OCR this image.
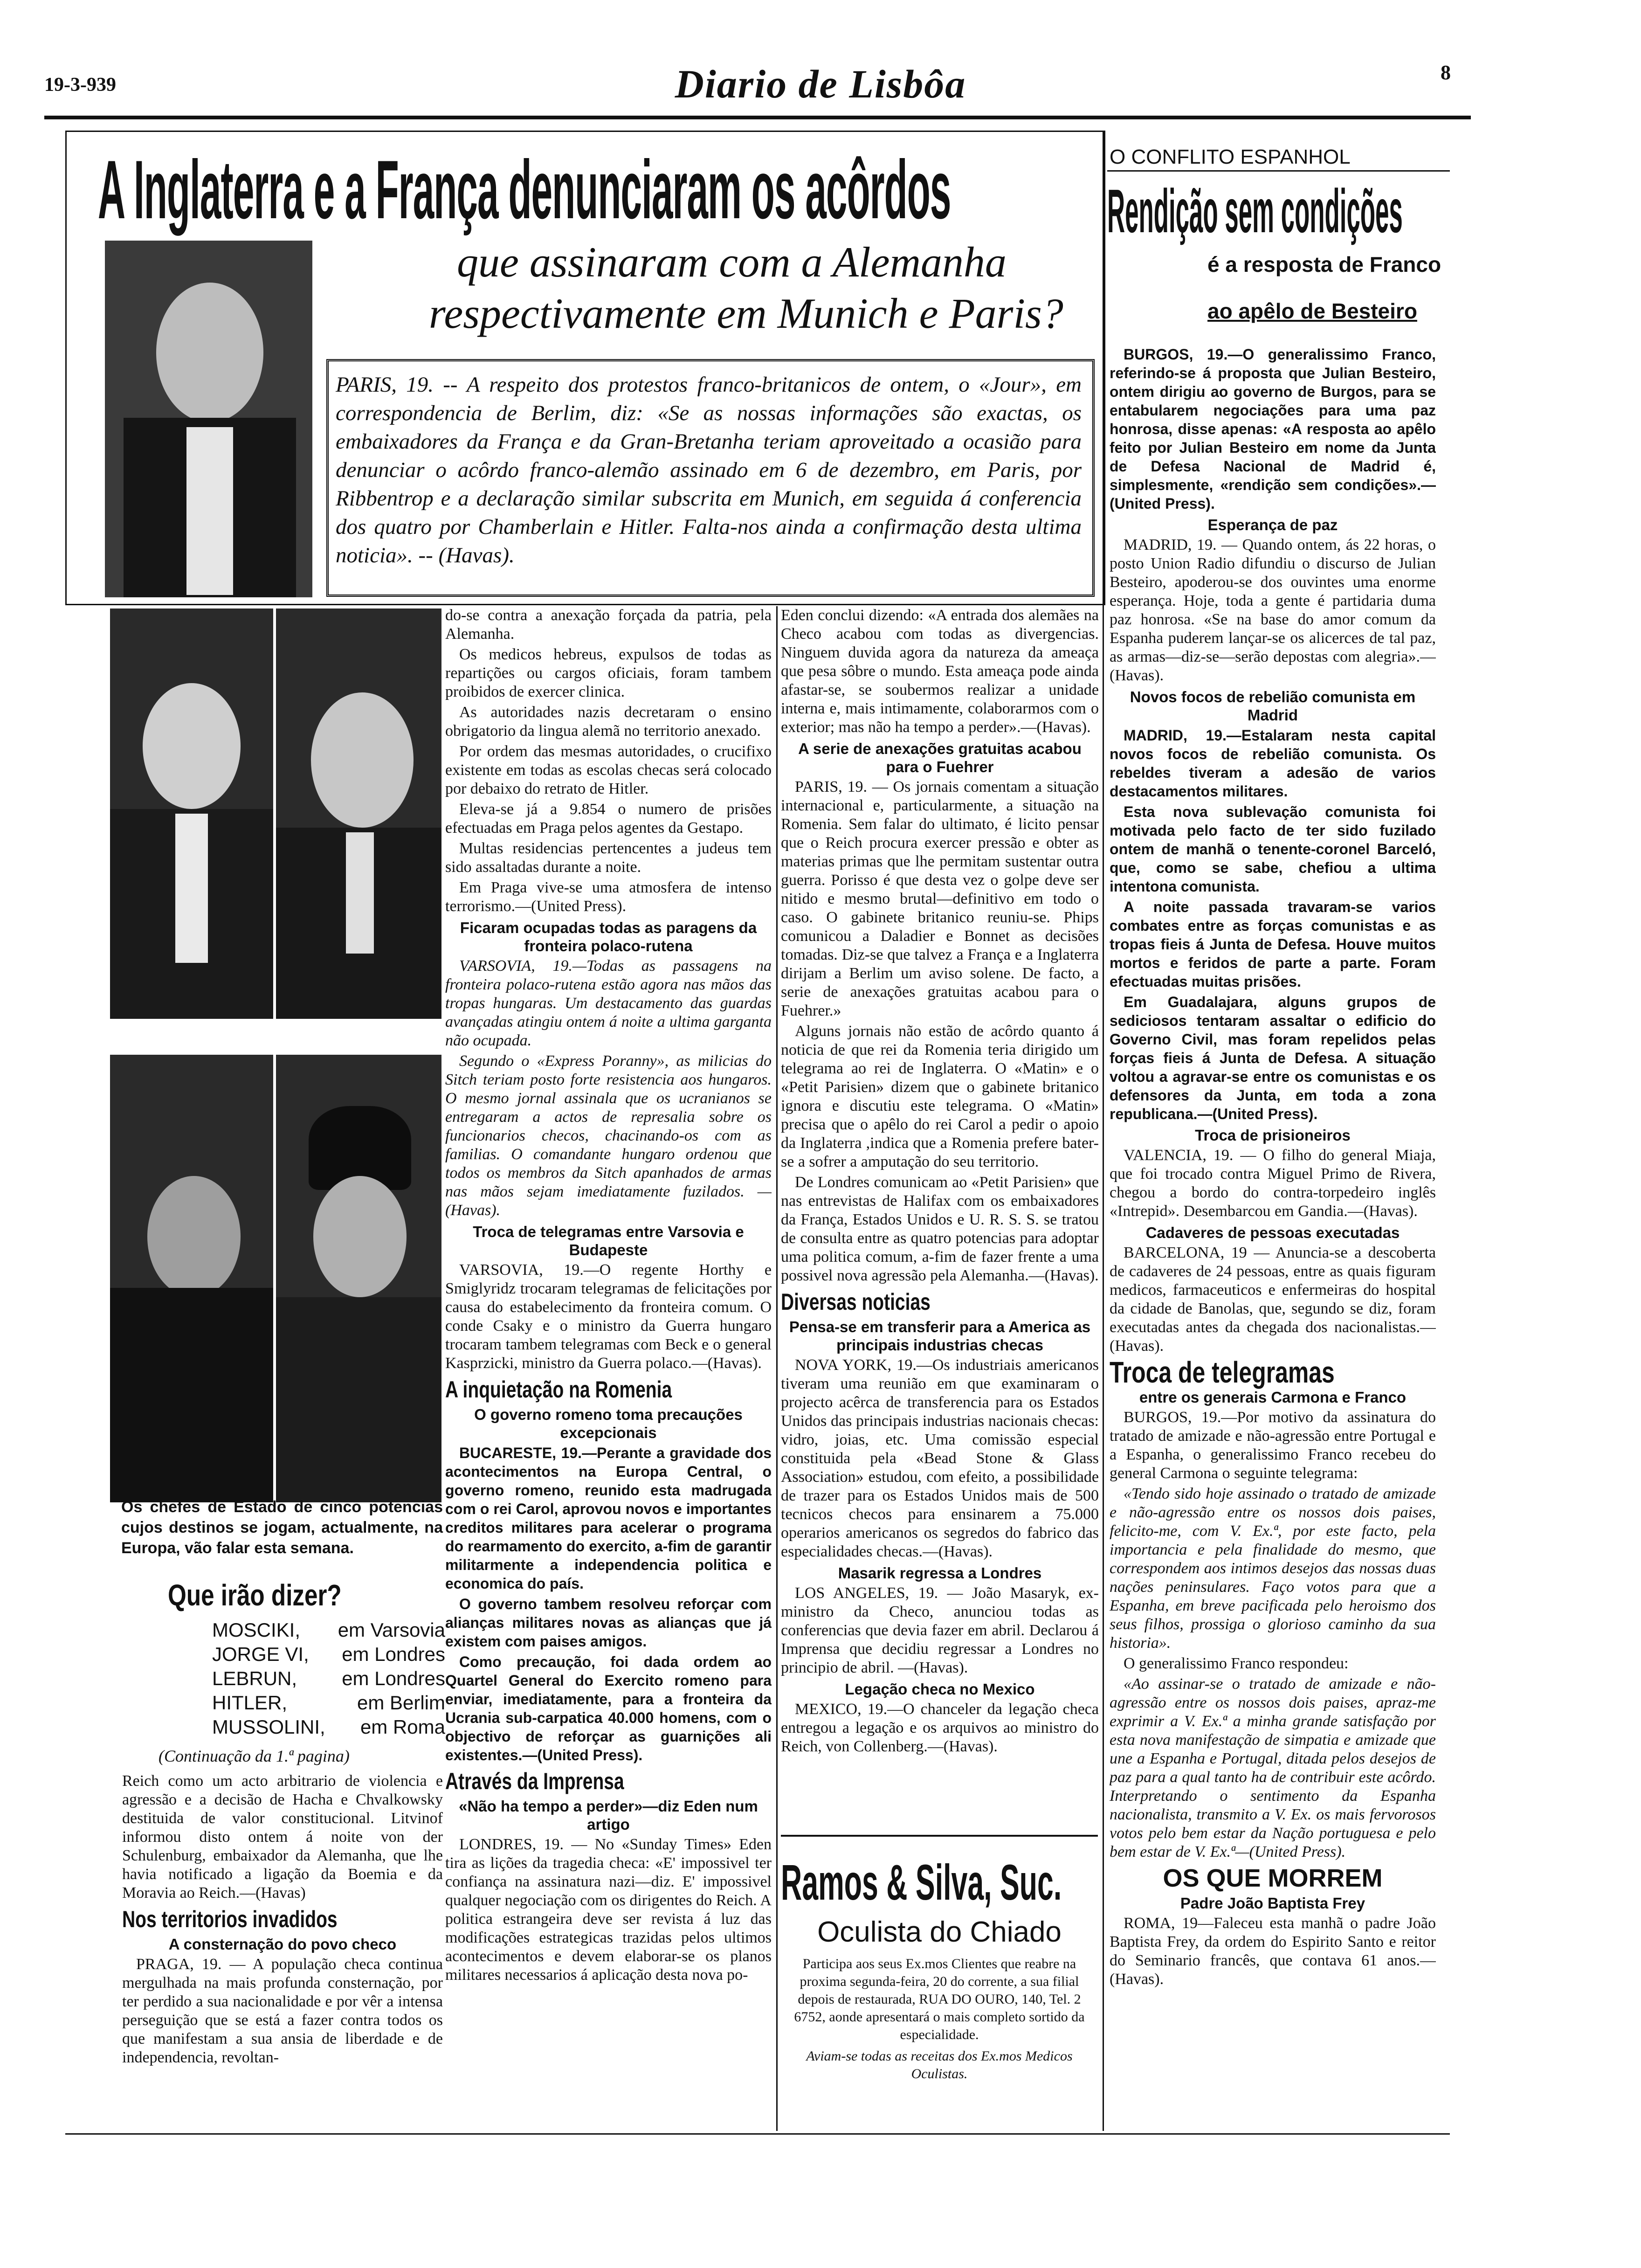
19-3-939	Diario de Lisbôa	8
A Inglaterra e a França denunciaram os acôrdos
que assinaram com a Alemanha
respectivamente em Munich e Paris?
PARIS, 19. -- A respeito dos protestos franco-britanicos de ontem, o «Jour», em correspondencia de Berlim, diz: «Se as nossas informações são exactas, os embaixadores da França e da Gran-Bretanha teriam aproveitado a ocasião para denunciar o acôrdo franco-alemão assinado em 6 de dezembro, em Paris, por Ribbentrop e a declaração similar subscrita em Munich, em seguida á conferencia dos quatro por Chamberlain e Hitler. Falta-nos ainda a confirmação desta ultima noticia». -- (Havas).
Os chefes de Estado de cinco potencias cujos destinos se jogam, actualmente, na Europa, vão falar esta semana.
Que irão dizer?
MOSCIKI, em Varsovia
JORGE VI, em Londres
LEBRUN, em Londres
HITLER,	em Berlim
MUSSOLINI, em Roma
(Continuação da 1.ª pagina)

Reich como um acto arbitrario de violencia e agressão e a decisão de Hacha e Chvalkowsky destituida de valor constitucional. Litvinof informou disto ontem á noite von der Schulenburg, embaixador da Alemanha, que lhe havia notificado a ligação da Boemia e da Moravia ao Reich.—(Havas)

Nos territorios invadidos
A consternação do povo checo

PRAGA, 19. — A população checa continua mergulhada na mais profunda consternação, por ter perdido a sua nacionalidade e por vêr a intensa perseguição que se está a fazer contra todos os que manifestam a sua ansia de liberdade e de independencia, revoltan-

do-se contra a anexação forçada da patria, pela Alemanha.

Os medicos hebreus, expulsos de todas as repartições ou cargos oficiais, foram tambem proibidos de exercer clinica.

As autoridades nazis decretaram o ensino obrigatorio da lingua alemã no territorio anexado.

Por ordem das mesmas autoridades, o crucifixo existente em todas as escolas checas será colocado por debaixo do retrato de Hitler.

Eleva-se já a 9.854 o numero de prisões efectuadas em Praga pelos agentes da Gestapo.

Multas residencias pertencentes a judeus tem sido assaltadas durante a noite.

Em Praga vive-se uma atmosfera de intenso terrorismo.—(United Press).

Ficaram ocupadas todas as paragens da fronteira polaco-rutena

VARSOVIA, 19.—Todas as passagens na fronteira polaco-rutena estão agora nas mãos das tropas hungaras. Um destacamento das guardas avançadas atingiu ontem á noite a ultima garganta não ocupada.

Segundo o «Express Poranny», as milicias do Sitch teriam posto forte resistencia aos hungaros. O mesmo jornal assinala que os ucranianos se entregaram a actos de represalia sobre os funcionarios checos, chacinando-os com as familias. O comandante hungaro ordenou que todos os membros da Sitch apanhados de armas nas mãos sejam imediatamente fuzilados. —(Havas).

Troca de telegramas entre Varsovia e Budapeste

VARSOVIA, 19.—O regente Horthy e Smiglyridz trocaram telegramas de felicitações por causa do estabelecimento da fronteira comum. O conde Csaky e o ministro da Guerra hungaro trocaram tambem telegramas com Beck e o general Kasprzicki, ministro da Guerra polaco.—(Havas).

A inquietação na Romenia
O governo romeno toma precauções excepcionais

BUCARESTE, 19.—Perante a gravidade dos acontecimentos na Europa Central, o governo romeno, reunido esta madrugada com o rei Carol, aprovou novos e importantes creditos militares para acelerar o programa do rearmamento do exercito, a-fim de garantir militarmente a independencia politica e economica do país.

O governo tambem resolveu reforçar com alianças militares novas as alianças que já existem com paises amigos.

Como precaução, foi dada ordem ao Quartel General do Exercito romeno para enviar, imediatamente, para a fronteira da Ucrania sub-carpatica 40.000 homens, com o objectivo de reforçar as guarnições ali existentes.—(United Press).

Através da Imprensa
«Não ha tempo a perder»—diz Eden num artigo

LONDRES, 19. — No «Sunday Times» Eden tira as lições da tragedia checa: «E' impossivel ter confiança na assinatura nazi—diz. E' impossivel qualquer negociação com os dirigentes do Reich. A politica estrangeira deve ser revista á luz das modificações estrategicas trazidas pelos ultimos acontecimentos e devem elaborar-se os planos militares necessarios á aplicação desta nova po-

Eden conclui dizendo: «A entrada dos alemães na Checo acabou com todas as divergencias. Ninguem duvida agora da natureza da ameaça que pesa sôbre o mundo. Esta ameaça pode ainda afastar-se, se soubermos realizar a unidade interna e, mais intimamente, colaborarmos com o exterior; mas não ha tempo a perder».—(Havas).

A serie de anexações gratuitas acabou para o Fuehrer

PARIS, 19. — Os jornais comentam a situação internacional e, particularmente, a situação na Romenia. Sem falar do ultimato, é licito pensar que o Reich procura exercer pressão e obter as materias primas que lhe permitam sustentar outra guerra. Porisso é que desta vez o golpe deve ser nitido e mesmo brutal—definitivo em todo o caso. O gabinete britanico reuniu-se. Phips comunicou a Daladier e Bonnet as decisões tomadas. Diz-se que talvez a França e a Inglaterra dirijam a Berlim um aviso solene. De facto, a serie de anexações gratuitas acabou para o Fuehrer.»

Alguns jornais não estão de acôrdo quanto á noticia de que rei da Romenia teria dirigido um telegrama ao rei de Inglaterra. O «Matin» e o «Petit Parisien» dizem que o gabinete britanico ignora e discutiu este telegrama. O «Matin» precisa que o apêlo do rei Carol a pedir o apoio da Inglaterra ,indica que a Romenia prefere bater-se a sofrer a amputação do seu territorio.

De Londres comunicam ao «Petit Parisien» que nas entrevistas de Halifax com os embaixadores da França, Estados Unidos e U. R. S. S. se tratou de consulta entre as quatro potencias para adoptar uma politica comum, a-fim de fazer frente a uma possivel nova agressão pela Alemanha.—(Havas).

Diversas noticias
Pensa-se em transferir para a America as principais industrias checas

NOVA YORK, 19.—Os industriais americanos tiveram uma reunião em que examinaram o projecto acêrca de transferencia para os Estados Unidos das principais industrias nacionais checas: vidro, joias, etc. Uma comissão especial constituida pela «Bead Stone & Glass Association» estudou, com efeito, a possibilidade de trazer para os Estados Unidos mais de 500 tecnicos checos para ensinarem a 75.000 operarios americanos os segredos do fabrico das especialidades checas.—(Havas).

Masarik regressa a Londres

LOS ANGELES, 19. — João Masaryk, ex-ministro da Checo, anunciou todas as conferencias que devia fazer em abril. Declarou á Imprensa que decidiu regressar a Londres no principio de abril. —(Havas).

Legação checa no Mexico

MEXICO, 19.—O chanceler da legação checa entregou a legação e os arquivos ao ministro do Reich, von Collenberg.—(Havas).

Ramos & Silva, Suc.
Oculista do Chiado
Participa aos seus Ex.mos Clientes que reabre na proxima segunda-feira, 20 do corrente, a sua filial depois de restaurada, RUA DO OURO, 140, Tel. 2 6752, aonde apresentará o mais completo sortido da especialidade.
Aviam-se todas as receitas dos Ex.mos Medicos Oculistas.
O CONFLITO ESPANHOL
Rendição sem condições
é a resposta de Franco
ao apêlo de Besteiro

BURGOS, 19.—O generalissimo Franco, referindo-se á proposta que Julian Besteiro, ontem dirigiu ao governo de Burgos, para se entabularem negociações para uma paz honrosa, disse apenas: «A resposta ao apêlo feito por Julian Besteiro em nome da Junta de Defesa Nacional de Madrid é, simplesmente, «rendição sem condições».—(United Press).

Esperança de paz

MADRID, 19. — Quando ontem, ás 22 horas, o posto Union Radio difundiu o discurso de Julian Besteiro, apoderou-se dos ouvintes uma enorme esperança. Hoje, toda a gente é partidaria duma paz honrosa. «Se na base do amor comum da Espanha puderem lançar-se os alicerces de tal paz, as armas—diz-se—serão depostas com alegria».—(Havas).

Novos focos de rebelião comunista em Madrid

MADRID, 19.—Estalaram nesta capital novos focos de rebelião comunista. Os rebeldes tiveram a adesão de varios destacamentos militares.

Esta nova sublevação comunista foi motivada pelo facto de ter sido fuzilado ontem de manhã o tenente-coronel Barceló, que, como se sabe, chefiou a ultima intentona comunista.

A noite passada travaram-se varios combates entre as forças comunistas e as tropas fieis á Junta de Defesa. Houve muitos mortos e feridos de parte a parte. Foram efectuadas muitas prisões.

Em Guadalajara, alguns grupos de sediciosos tentaram assaltar o edificio do Governo Civil, mas foram repelidos pelas forças fieis á Junta de Defesa. A situação voltou a agravar-se entre os comunistas e os defensores da Junta, em toda a zona republicana.—(United Press).

Troca de prisioneiros

VALENCIA, 19. — O filho do general Miaja, que foi trocado contra Miguel Primo de Rivera, chegou a bordo do contra-torpedeiro inglês «Intrepid». Desembarcou em Gandia.—(Havas).

Cadaveres de pessoas executadas

BARCELONA, 19 — Anuncia-se a descoberta de cadaveres de 24 pessoas, entre as quais figuram medicos, farmaceuticos e enfermeiras do hospital da cidade de Banolas, que, segundo se diz, foram executadas antes da chegada dos nacionalistas.—(Havas).

Troca de telegramas
entre os generais Carmona e Franco

BURGOS, 19.—Por motivo da assinatura do tratado de amizade e não-agressão entre Portugal e a Espanha, o generalissimo Franco recebeu do general Carmona o seguinte telegrama:

«Tendo sido hoje assinado o tratado de amizade e não-agressão entre os nossos dois paises, felicito-me, com V. Ex.ª, por este facto, pela importancia e pela finalidade do mesmo, que correspondem aos intimos desejos das nossas duas nações peninsulares. Faço votos para que a Espanha, em breve pacificada pelo heroismo dos seus filhos, prossiga o glorioso caminho da sua historia».

O generalissimo Franco respondeu:

«Ao assinar-se o tratado de amizade e não-agressão entre os nossos dois paises, apraz-me exprimir a V. Ex.ª a minha grande satisfação por esta nova manifestação de simpatia e amizade que une a Espanha e Portugal, ditada pelos desejos de paz para a qual tanto ha de contribuir este acôrdo. Interpretando o sentimento da Espanha nacionalista, transmito a V. Ex. os mais fervorosos votos pelo bem estar da Nação portuguesa e pelo bem estar de V. Ex.ª—(United Press).

OS QUE MORREM
Padre João Baptista Frey

ROMA, 19—Faleceu esta manhã o padre João Baptista Frey, da ordem do Espirito Santo e reitor do Seminario francês, que contava 61 anos.— (Havas).
